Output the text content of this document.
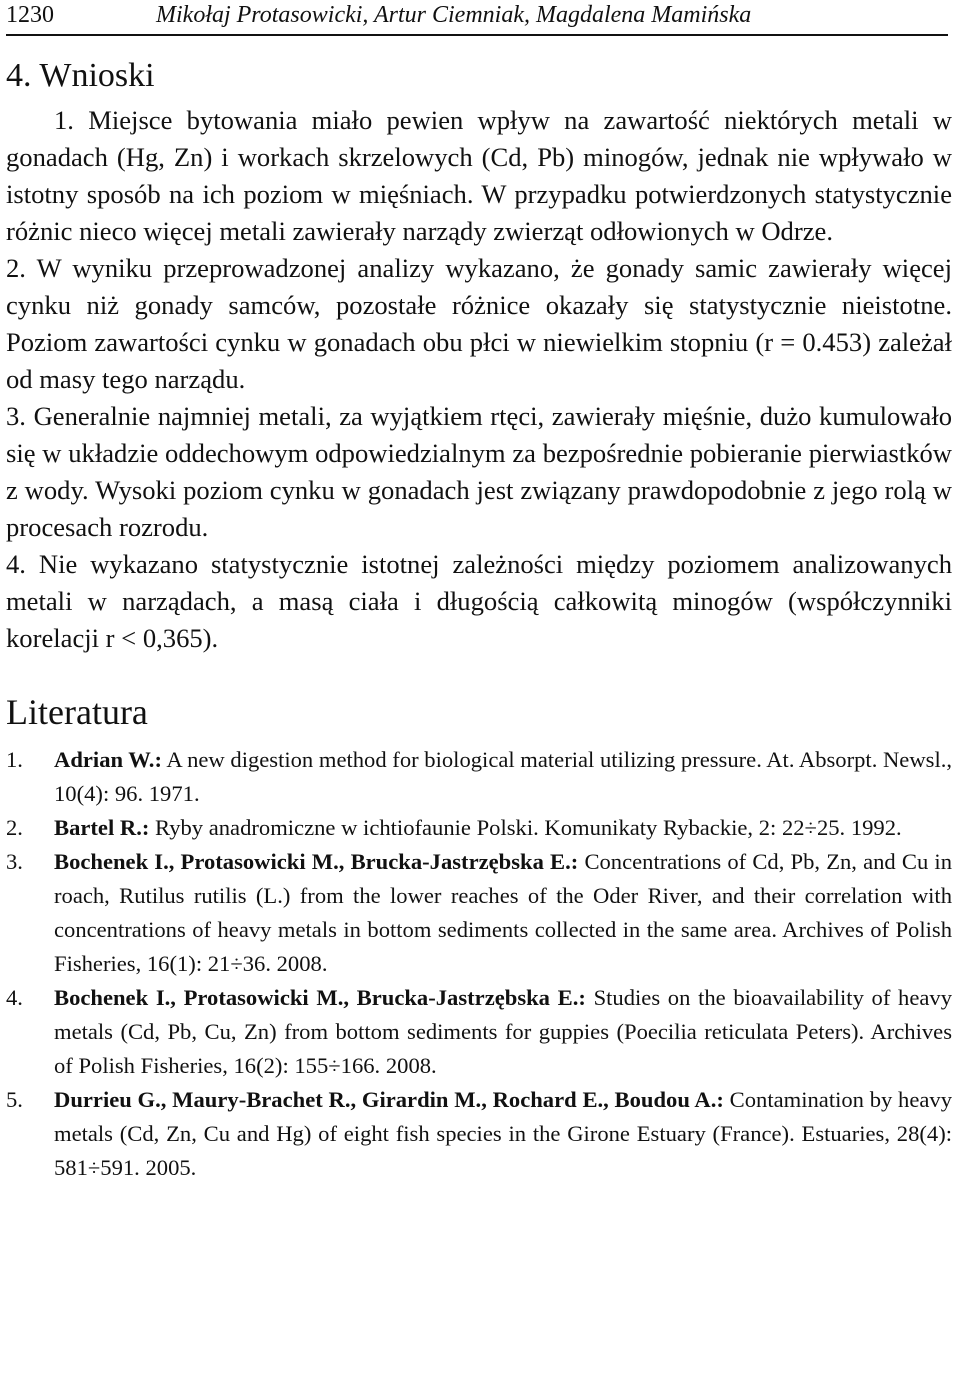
1230	Mikołaj Protasowicki, Artur Ciemniak, Magdalena Mamińska
4. Wnioski

1. Miejsce bytowania miało pewien wpływ na zawartość niektórych metali w gonadach (Hg, Zn) i workach skrzelowych (Cd, Pb) minogów, jednak nie wpływało w istotny sposób na ich poziom w mięśniach. W przypadku potwierdzonych statystycznie różnic nieco więcej metali zawierały narządy zwierząt odłowionych w Odrze.

2. W wyniku przeprowadzonej analizy wykazano, że gonady samic zawierały więcej cynku niż gonady samców, pozostałe różnice okazały się statystycznie nieistotne. Poziom zawartości cynku w gonadach obu płci w niewielkim stopniu (r = 0.453) zależał od masy tego narządu.

3. Generalnie najmniej metali, za wyjątkiem rtęci, zawierały mięśnie, dużo kumulowało się w układzie oddechowym odpowiedzialnym za bezpośrednie pobieranie pierwiastków z wody. Wysoki poziom cynku w gonadach jest związany prawdopodobnie z jego rolą w procesach rozrodu.

4. Nie wykazano statystycznie istotnej zależności między poziomem analizowanych metali w narządach, a masą ciała i długością całkowitą minogów (współczynniki korelacji r < 0,365).

Literatura
1. Adrian W.: A new digestion method for biological material utilizing pressure. At. Absorpt. Newsl., 10(4): 96. 1971.
2. Bartel R.: Ryby anadromiczne w ichtiofaunie Polski. Komunikaty Rybackie, 2: 22÷25. 1992.
3. Bochenek I., Protasowicki M., Brucka-Jastrzębska E.: Concentrations of Cd, Pb, Zn, and Cu in roach, Rutilus rutilis (L.) from the lower reaches of the Oder River, and their correlation with concentrations of heavy metals in bottom sediments collected in the same area. Archives of Polish Fisheries, 16(1): 21÷36. 2008.
4. Bochenek I., Protasowicki M., Brucka-Jastrzębska E.: Studies on the bioavailability of heavy metals (Cd, Pb, Cu, Zn) from bottom sediments for guppies (Poecilia reticulata Peters). Archives of Polish Fisheries, 16(2): 155÷166. 2008.
5. Durrieu G., Maury-Brachet R., Girardin M., Rochard E., Boudou A.: Contamination by heavy metals (Cd, Zn, Cu and Hg) of eight fish species in the Girone Estuary (France). Estuaries, 28(4): 581÷591. 2005.
